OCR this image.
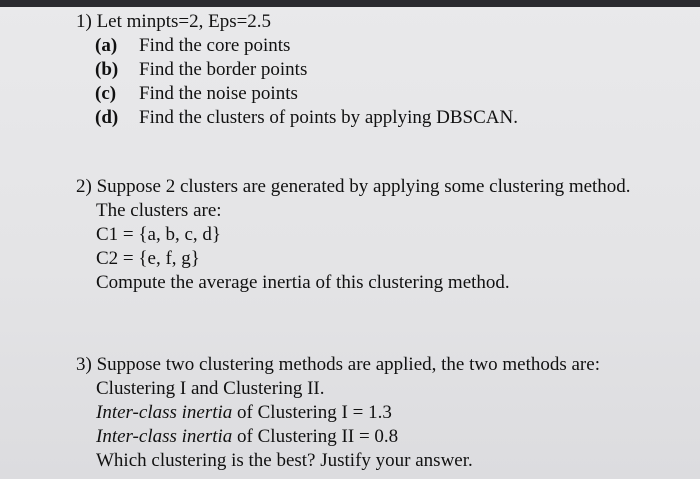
1) Let minpts=2, Eps=2.5
(a)	Find the core points
(b)	Find the border points
(c)	Find the noise points
(d)	Find the clusters of points by applying DBSCAN.
2) Suppose 2 clusters are generated by applying some clustering method.
The clusters are:
C1 = {a, b, c, d}
C2 = {e, f, g}
Compute the average inertia of this clustering method.
3) Suppose two clustering methods are applied, the two methods are:
Clustering I and Clustering II.
Inter-class inertia of Clustering I = 1.3
Inter-class inertia of Clustering II = 0.8
Which clustering is the best? Justify your answer.
